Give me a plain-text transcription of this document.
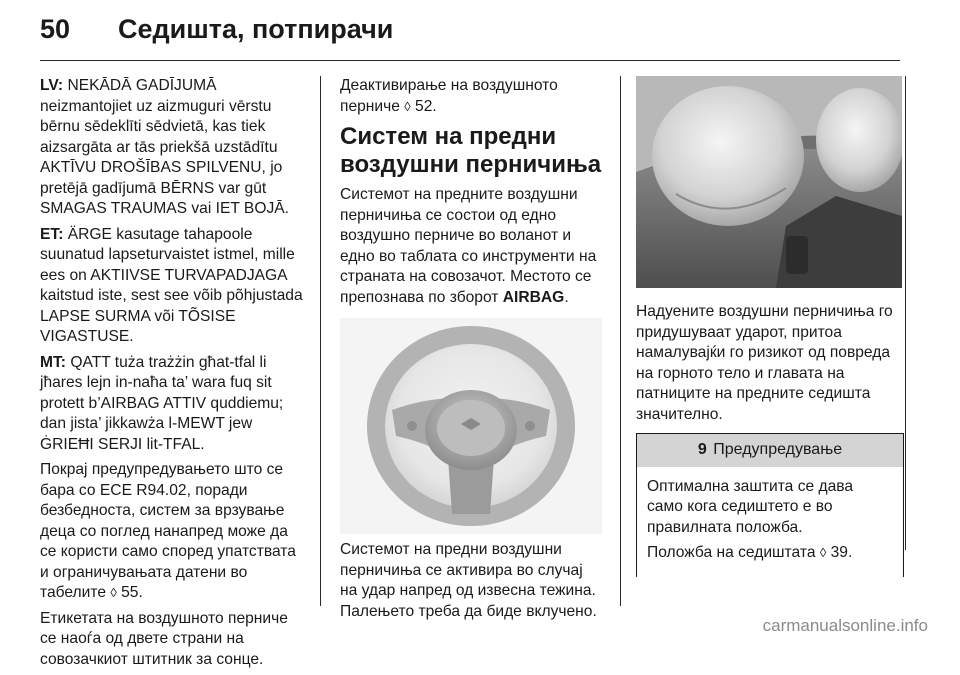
50 Седишта, потпирачи

LV: NEKĀDĀ GADĪJUMĀ neizmantojiet uz aizmuguri vērstu bērnu sēdeklīti sēdvietā, kas tiek aizsargāta ar tās priekšā uzstādītu AKTĪVU DROŠĪBAS SPILVENU, jo pretējā gadījumā BĒRNS var gūt SMAGAS TRAUMAS vai IET BOJĀ.

ET: ÄRGE kasutage tahapoole suunatud lapseturvaistet istmel, mille ees on AKTIIVSE TURVAPADJAGA kaitstud iste, sest see võib põhjustada LAPSE SURMA või TÕSISE VIGASTUSE.

MT: QATT tuża trażżin għat-tfal li jħares lejn in-naħa ta’ wara fuq sit protett b’AIRBAG ATTIV quddiemu; dan jista’ jikkawża l-MEWT jew ĠRIEĦI SERJI lit-TFAL.

Покрај предупредувањето што се бара со ECE R94.02, поради безбедноста, систем за врзување деца со поглед нанапред може да се користи само според упатствата и ограничувањата датени во табелите ◊ 55.

Етикетата на воздушното перниче се наоѓа од двете страни на совозачкиот штитник за сонце.

Деактивирање на воздушното перниче ◊ 52.

Систем на предни воздушни перничиња

Системот на предните воздушни перничиња се состои од едно воздушно перниче во воланот и едно во таблата со инструменти на страната на совозачот. Местото се препознава по зборот AIRBAG.

Системот на предни воздушни перничиња се активира во случај на удар напред од извесна тежина. Палењето треба да биде вклучено.

Надуените воздушни перничиња го придушуваат ударот, притоа намалувајќи го ризикот од повреда на горното тело и главата на патниците на предните седишта значително.

9 Предупредување

Оптимална заштита се дава само кога седиштето е во правилната положба.

Положба на седиштата ◊ 39.

carmanualsonline.info
